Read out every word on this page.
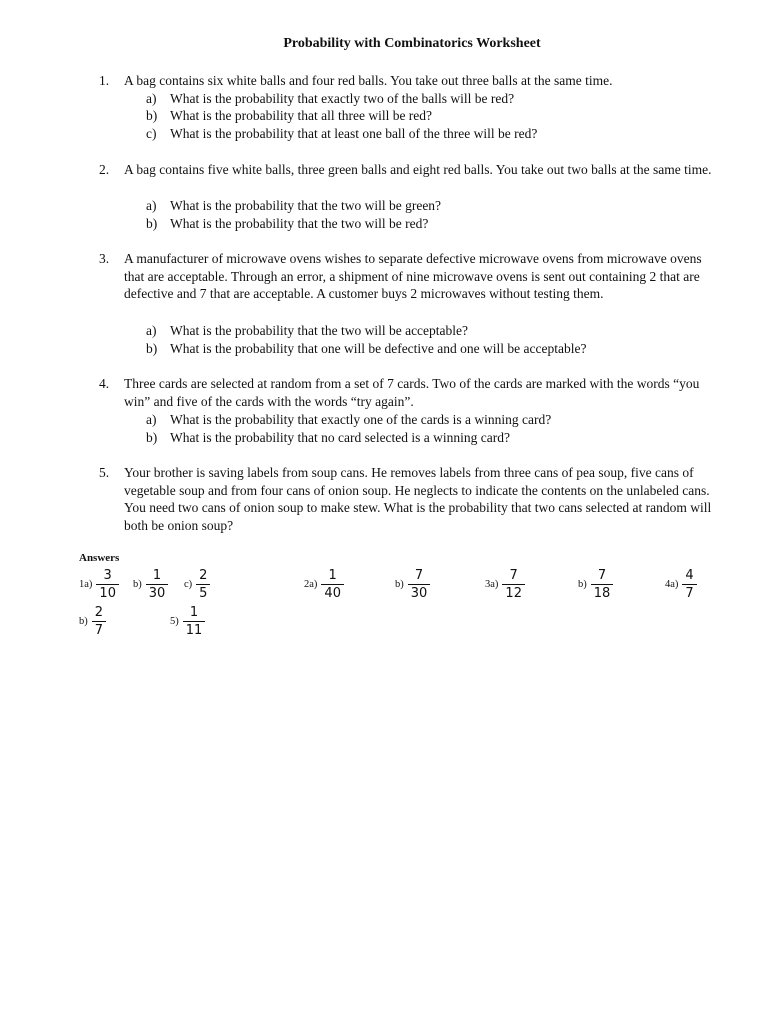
Probability with Combinatorics Worksheet
1. A bag contains six white balls and four red balls. You take out three balls at the same time.
a) What is the probability that exactly two of the balls will be red?
b) What is the probability that all three will be red?
c) What is the probability that at least one ball of the three will be red?
2. A bag contains five white balls, three green balls and eight red balls. You take out two balls at the same time.
a) What is the probability that the two will be green?
b) What is the probability that the two will be red?
3. A manufacturer of microwave ovens wishes to separate defective microwave ovens from microwave ovens that are acceptable. Through an error, a shipment of nine microwave ovens is sent out containing 2 that are defective and 7 that are acceptable. A customer buys 2 microwaves without testing them.
a) What is the probability that the two will be acceptable?
b) What is the probability that one will be defective and one will be acceptable?
4. Three cards are selected at random from a set of 7 cards. Two of the cards are marked with the words “you win” and five of the cards with the words “try again”.
a) What is the probability that exactly one of the cards is a winning card?
b) What is the probability that no card selected is a winning card?
5. Your brother is saving labels from soup cans. He removes labels from three cans of pea soup, five cans of vegetable soup and from four cans of onion soup. He neglects to indicate the contents on the unlabeled cans. You need two cans of onion soup to make stew. What is the probability that two cans selected at random will both be onion soup?
Answers
$1a) \frac{3}{10} b) \frac{1}{30} c) \frac{2}{5}$	$2a) \frac{1}{40}$	$b) \frac{7}{30}$	$3a) \frac{7}{12}$	$b) \frac{7}{18}$	$4a) \frac{4}{7}$
$b) \frac{2}{7}$	$5) \frac{1}{11}$
